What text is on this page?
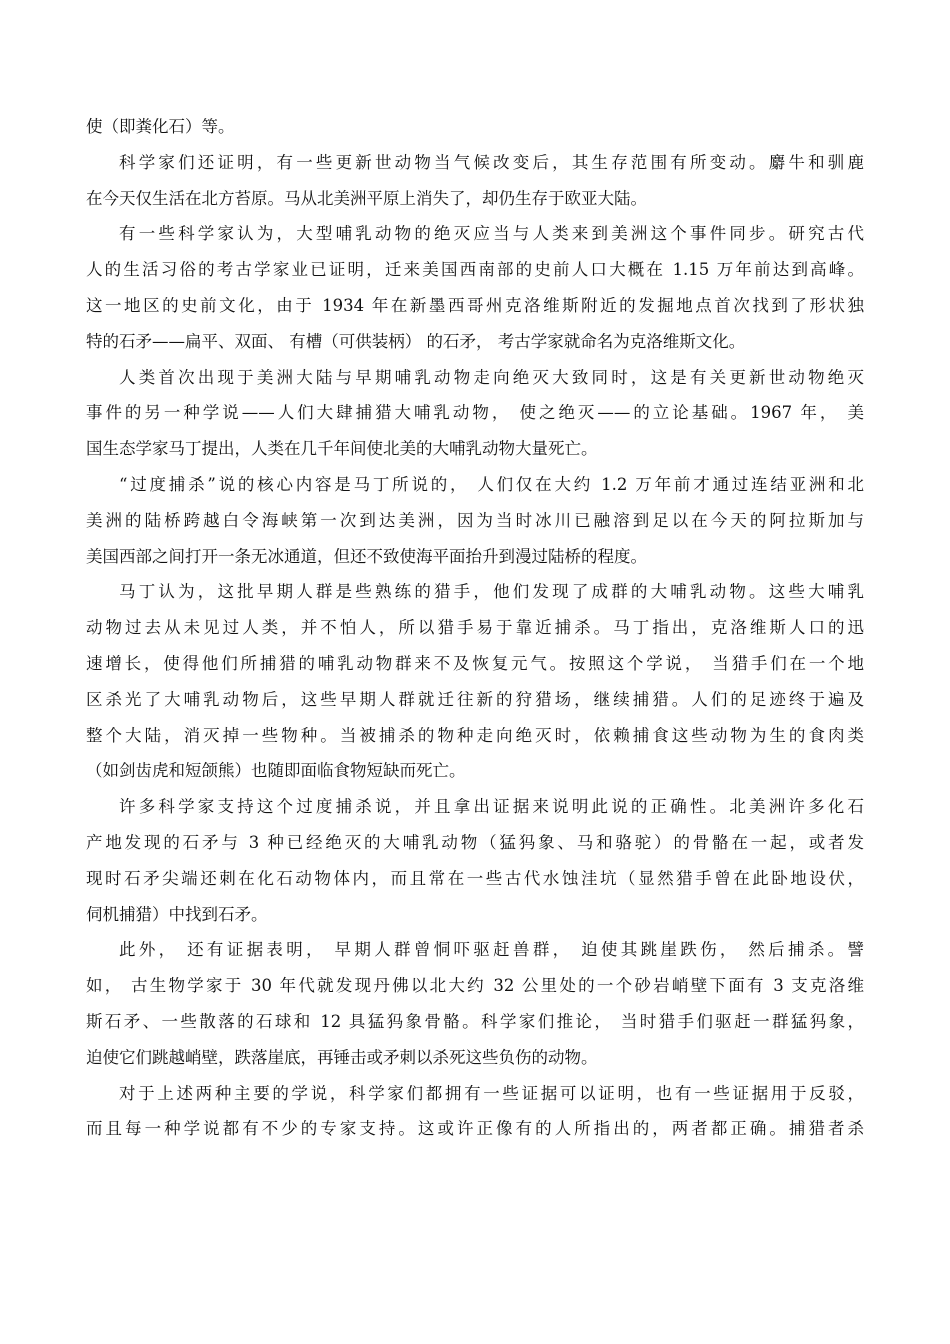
使（即粪化石）等。
科学家们还证明，有一些更新世动物当气候改变后，其生存范围有所变动。麝牛和驯鹿
在今天仅生活在北方苔原。马从北美洲平原上消失了，却仍生存于欧亚大陆。
有一些科学家认为，大型哺乳动物的绝灭应当与人类来到美洲这个事件同步。研究古代
人的生活习俗的考古学家业已证明，迁来美国西南部的史前人口大概在 1.15 万年前达到高峰。
这一地区的史前文化，由于 1934 年在新墨西哥州克洛维斯附近的发掘地点首次找到了形状独
特的石矛——扁平、双面、 有槽（可供装柄） 的石矛， 考古学家就命名为克洛维斯文化。
人类首次出现于美洲大陆与早期哺乳动物走向绝灭大致同时，这是有关更新世动物绝灭
事件的另一种学说——人们大肆捕猎大哺乳动物， 使之绝灭——的立论基础。1967 年， 美
国生态学家马丁提出，人类在几千年间使北美的大哺乳动物大量死亡。
“过度捕杀”说的核心内容是马丁所说的， 人们仅在大约 1.2 万年前才通过连结亚洲和北
美洲的陆桥跨越白令海峡第一次到达美洲，因为当时冰川已融溶到足以在今天的阿拉斯加与
美国西部之间打开一条无冰通道，但还不致使海平面抬升到漫过陆桥的程度。
马丁认为，这批早期人群是些熟练的猎手，他们发现了成群的大哺乳动物。这些大哺乳
动物过去从未见过人类，并不怕人，所以猎手易于靠近捕杀。马丁指出，克洛维斯人口的迅
速增长，使得他们所捕猎的哺乳动物群来不及恢复元气。按照这个学说， 当猎手们在一个地
区杀光了大哺乳动物后，这些早期人群就迁往新的狩猎场，继续捕猎。人们的足迹终于遍及
整个大陆，消灭掉一些物种。当被捕杀的物种走向绝灭时，依赖捕食这些动物为生的食肉类
（如剑齿虎和短颌熊）也随即面临食物短缺而死亡。
许多科学家支持这个过度捕杀说，并且拿出证据来说明此说的正确性。北美洲许多化石
产地发现的石矛与 3 种已经绝灭的大哺乳动物（猛犸象、马和骆驼）的骨骼在一起，或者发
现时石矛尖端还刺在化石动物体内，而且常在一些古代水蚀洼坑（显然猎手曾在此卧地设伏，
伺机捕猎）中找到石矛。
此外， 还有证据表明， 早期人群曾恫吓驱赶兽群， 迫使其跳崖跌伤， 然后捕杀。譬
如， 古生物学家于 30 年代就发现丹佛以北大约 32 公里处的一个砂岩峭壁下面有 3 支克洛维
斯石矛、一些散落的石球和 12 具猛犸象骨骼。科学家们推论， 当时猎手们驱赶一群猛犸象，
迫使它们跳越峭壁，跌落崖底，再锤击或矛刺以杀死这些负伤的动物。
对于上述两种主要的学说，科学家们都拥有一些证据可以证明，也有一些证据用于反驳，
而且每一种学说都有不少的专家支持。这或许正像有的人所指出的，两者都正确。捕猎者杀
